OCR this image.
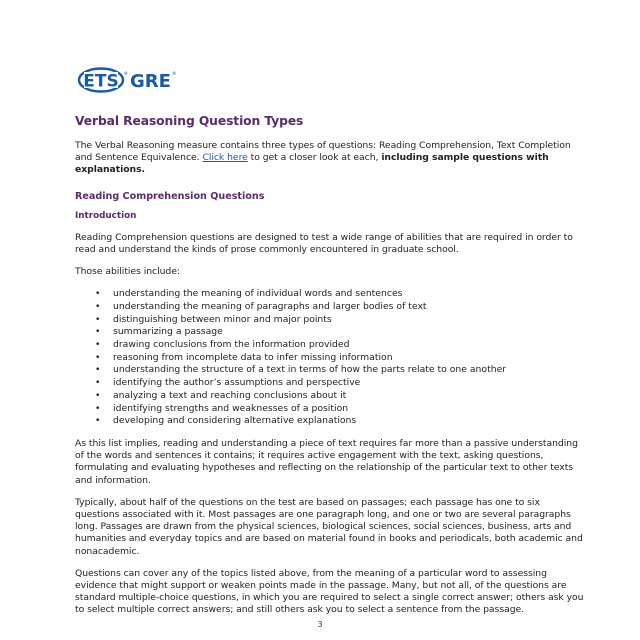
ETS ® GRE ®
Verbal Reasoning Question Types

The Verbal Reasoning measure contains three types of questions: Reading Comprehension, Text Completion and Sentence Equivalence. Click here to get a closer look at each, including sample questions with explanations.

Reading Comprehension Questions
Introduction

Reading Comprehension questions are designed to test a wide range of abilities that are required in order to read and understand the kinds of prose commonly encountered in graduate school.

Those abilities include:

• understanding the meaning of individual words and sentences
• understanding the meaning of paragraphs and larger bodies of text
• distinguishing between minor and major points
• summarizing a passage
• drawing conclusions from the information provided
• reasoning from incomplete data to infer missing information
• understanding the structure of a text in terms of how the parts relate to one another
• identifying the author’s assumptions and perspective
• analyzing a text and reaching conclusions about it
• identifying strengths and weaknesses of a position
• developing and considering alternative explanations

As this list implies, reading and understanding a piece of text requires far more than a passive understanding of the words and sentences it contains; it requires active engagement with the text, asking questions, formulating and evaluating hypotheses and reflecting on the relationship of the particular text to other texts and information.

Typically, about half of the questions on the test are based on passages; each passage has one to six questions associated with it. Most passages are one paragraph long, and one or two are several paragraphs long. Passages are drawn from the physical sciences, biological sciences, social sciences, business, arts and humanities and everyday topics and are based on material found in books and periodicals, both academic and nonacademic.

Questions can cover any of the topics listed above, from the meaning of a particular word to assessing evidence that might support or weaken points made in the passage. Many, but not all, of the questions are standard multiple-choice questions, in which you are required to select a single correct answer; others ask you to select multiple correct answers; and still others ask you to select a sentence from the passage.

3
